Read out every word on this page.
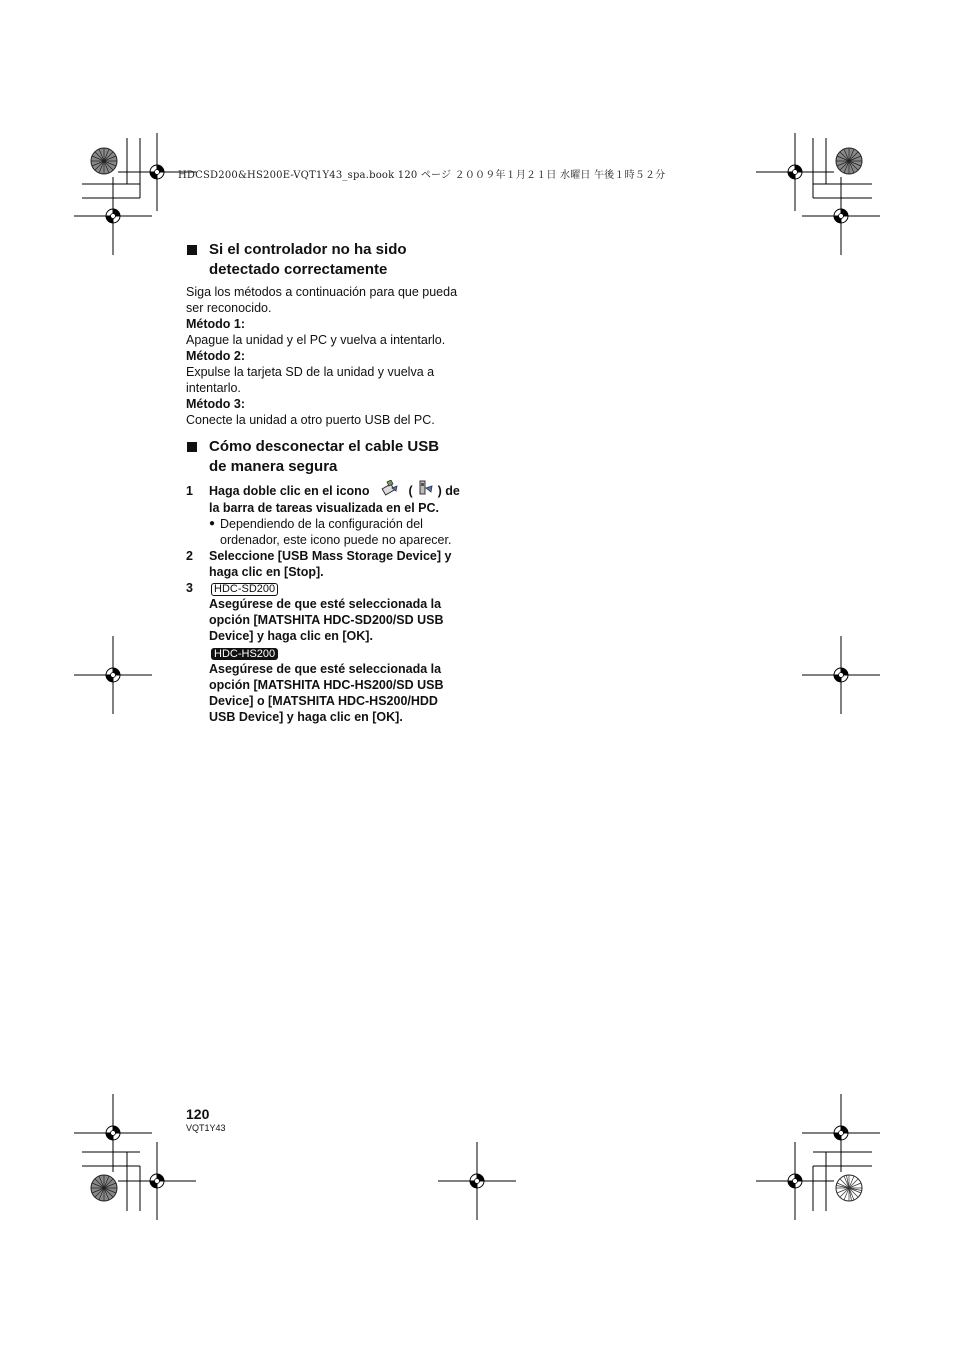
HDCSD200&HS200E-VQT1Y43_spa.book 120 ページ ２００９年１月２１日 水曜日 午後１時５２分
Si el controlador no ha sido
detectado correctamente

Siga los métodos a continuación para que pueda

ser reconocido.

Método 1:

Apague la unidad y el PC y vuelva a intentarlo.

Método 2:

Expulse la tarjeta SD de la unidad y vuelva a

intentarlo.

Método 3:

Conecte la unidad a otro puerto USB del PC.

Cómo desconectar el cable USB
de manera segura
1 Haga doble clic en el icono	( ) de
la barra de tareas visualizada en el PC.
● Dependiendo de la configuración del
ordenador, este icono puede no aparecer.
2 Seleccione [USB Mass Storage Device] y
haga clic en [Stop].
3	HDC-SD200
Asegúrese de que esté seleccionada la
opción [MATSHITA HDC-SD200/SD USB
Device] y haga clic en [OK].
HDC-HS200
Asegúrese de que esté seleccionada la
opción [MATSHITA HDC-HS200/SD USB
Device] o [MATSHITA HDC-HS200/HDD
USB Device] y haga clic en [OK].
120
VQT1Y43
